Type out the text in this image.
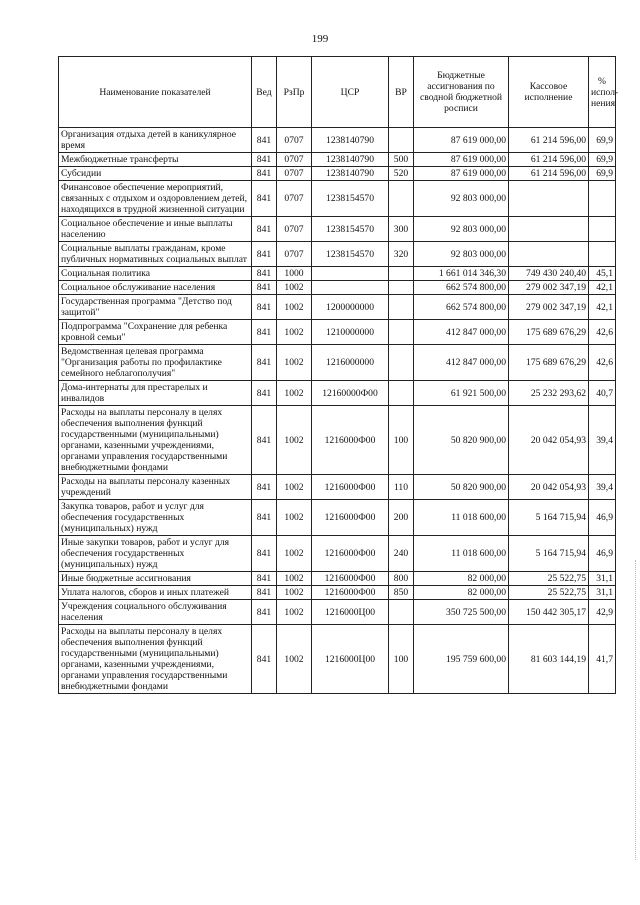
199
Наименование показателей	Вед	РзПр	ЦСР	ВР	Бюджетные ассигнования по сводной бюджетной росписи	Кассовое исполнение	% испол-нения
Организация отдыха детей в каникулярное время	841	0707	1238140790		87 619 000,00	61 214 596,00	69,9
Межбюджетные трансферты	841	0707	1238140790	500	87 619 000,00	61 214 596,00	69,9
Субсидии	841	0707	1238140790	520	87 619 000,00	61 214 596,00	69,9
Финансовое обеспечение мероприятий, связанных с отдыхом и оздоровлением детей, находящихся в трудной жизненной ситуации	841	0707	1238154570		92 803 000,00		
Социальное обеспечение и иные выплаты населению	841	0707	1238154570	300	92 803 000,00		
Социальные выплаты гражданам, кроме публичных нормативных социальных выплат	841	0707	1238154570	320	92 803 000,00		
Социальная политика	841	1000			1 661 014 346,30	749 430 240,40	45,1
Социальное обслуживание населения	841	1002			662 574 800,00	279 002 347,19	42,1
Государственная программа "Детство под защитой"	841	1002	1200000000		662 574 800,00	279 002 347,19	42,1
Подпрограмма "Сохранение для ребенка кровной семьи"	841	1002	1210000000		412 847 000,00	175 689 676,29	42,6
Ведомственная целевая программа "Организация работы по профилактике семейного неблагополучия"	841	1002	1216000000		412 847 000,00	175 689 676,29	42,6
Дома-интернаты для престарелых и инвалидов	841	1002	12160000Ф00		61 921 500,00	25 232 293,62	40,7
Расходы на выплаты персоналу в целях обеспечения выполнения функций государственными (муниципальными) органами, казенными учреждениями, органами управления государственными внебюджетными фондами	841	1002	1216000Ф00	100	50 820 900,00	20 042 054,93	39,4
Расходы на выплаты персоналу казенных учреждений	841	1002	1216000Ф00	110	50 820 900,00	20 042 054,93	39,4
Закупка товаров, работ и услуг для обеспечения государственных (муниципальных) нужд	841	1002	1216000Ф00	200	11 018 600,00	5 164 715,94	46,9
Иные закупки товаров, работ и услуг для обеспечения государственных (муниципальных) нужд	841	1002	1216000Ф00	240	11 018 600,00	5 164 715,94	46,9
Иные бюджетные ассигнования	841	1002	1216000Ф00	800	82 000,00	25 522,75	31,1
Уплата налогов, сборов и иных платежей	841	1002	1216000Ф00	850	82 000,00	25 522,75	31,1
Учреждения социального обслуживания населения	841	1002	1216000Ц00		350 725 500,00	150 442 305,17	42,9
Расходы на выплаты персоналу в целях обеспечения выполнения функций государственными (муниципальными) органами, казенными учреждениями, органами управления государственными внебюджетными фондами	841	1002	1216000Ц00	100	195 759 600,00	81 603 144,19	41,7
